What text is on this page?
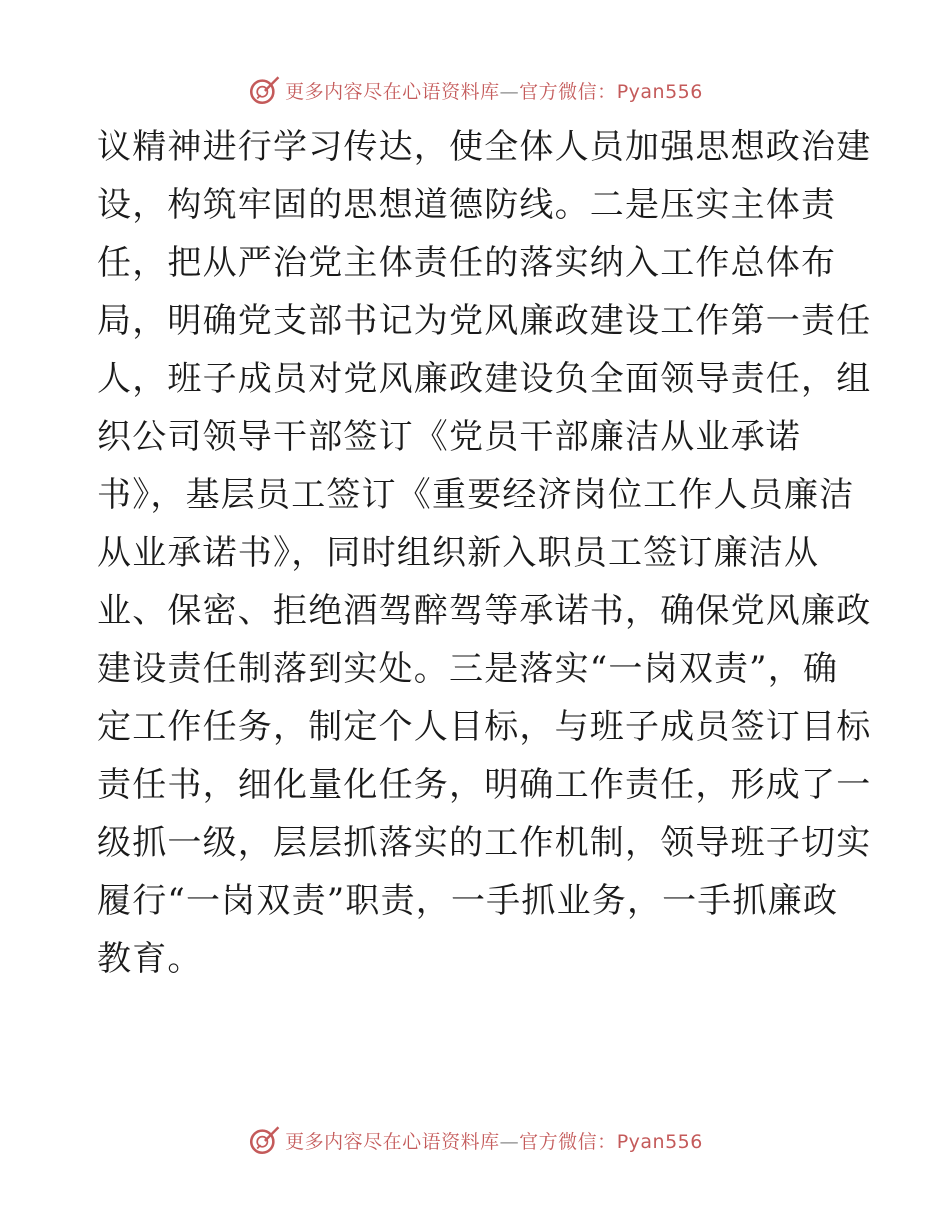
更多内容尽在心语资料库—官方微信：Pyan556
议精神进行学习传达，使全体人员加强思想政治建
设，构筑牢固的思想道德防线。二是压实主体责
任，把从严治党主体责任的落实纳入工作总体布
局，明确党支部书记为党风廉政建设工作第一责任
人，班子成员对党风廉政建设负全面领导责任，组
织公司领导干部签订《党员干部廉洁从业承诺
书》，基层员工签订《重要经济岗位工作人员廉洁
从业承诺书》，同时组织新入职员工签订廉洁从
业、保密、拒绝酒驾醉驾等承诺书，确保党风廉政
建设责任制落到实处。三是落实“一岗双责”，确
定工作任务，制定个人目标，与班子成员签订目标
责任书，细化量化任务，明确工作责任，形成了一
级抓一级，层层抓落实的工作机制，领导班子切实
履行“一岗双责”职责，一手抓业务，一手抓廉政
教育。
更多内容尽在心语资料库—官方微信：Pyan556
